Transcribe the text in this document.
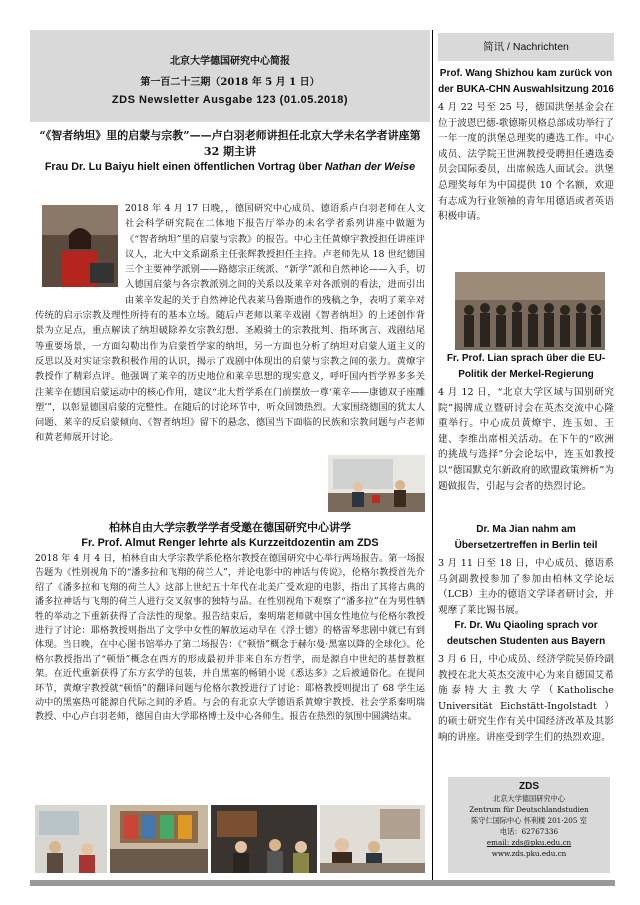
北京大学德国研究中心简报
第一百二十三期（2018 年 5 月 1 日）
ZDS Newsletter Ausgabe 123 (01.05.2018)
简讯 / Nachrichten
Prof. Wang Shizhou kam zurück von der BUKA-CHN Auswahlsitzung 2016

4 月 22 号至 25 号，德国洪堡基金会在位于波恩巴德-歌德斯贝格总部成功举行了一年一度的洪堡总理奖的遴选工作。中心成员、法学院王世洲教授受聘担任遴选委员会国际委员，出席候选人面试会。洪堡总理奖每年为中国提供 10 个名额，欢迎有志成为行业领袖的青年用德语或者英语积极申请。

Fr. Prof. Lian sprach über die EU-Politik der Merkel-Regierung

4 月 12 日，“北京大学区域与国别研究院”揭牌成立暨研讨会在英杰交流中心隆重举行。中心成员黄燎宇、连玉如、王建、李维出席相关活动。在下午的“欧洲的挑战与选择”分会论坛中，连玉如教授以“德国默克尔新政府的欧盟政策辨析”为题做报告，引起与会者的热烈讨论。

Dr. Ma Jian nahm am Übersetzertreffen in Berlin teil

3 月 11 日至 18 日，中心成员、德语系马剑副教授参加了参加由柏林文学论坛（LCB）主办的德语文学译者研讨会，并观摩了莱比锡书展。

Fr. Dr. Wu Qiaoling sprach vor deutschen Studenten aus Bayern

3 月 6 日，中心成员、经济学院吴侨玲副教授在北大英杰交流中心为来自德国艾希施泰特大主教大学（Katholische Universität Eichstätt-Ingolstadt ）的硕士研究生作有关中国经济改革及其影响的讲座。讲座受到学生们的热烈欢迎。

ZDS
北京大学德国研究中心
Zentrum für Deutschlandstudien
陈守仁国际中心 怀利楼 201-205 室
电话：62767336
email: zds@pku.edu.cn
www.zds.pku.edu.cn
“《智者纳坦》里的启蒙与宗教”——卢白羽老师讲担任北京大学未名学者讲座第 32 期主讲
Frau Dr. Lu Baiyu hielt einen öffentlichen Vortrag über Nathan der Weise

2018 年 4 月 17 日晚，，德国研究中心成员、德语系卢白羽老师在人文社会科学研究院在二体地下报告厅举办的未名学者系列讲座中做题为《“智者纳坦”里的启蒙与宗教》的报告。中心主任黄燎宇教授担任讲座评议人，北大中文系副系主任张辉教授担任主持。卢老师先从 18 世纪德国三个主要神学派别——路德宗正统派、“新学”派和自然神论——入手，切入德国启蒙与各宗教派别之间的关系以及莱辛对各派别的看法，进而引出由莱辛发起的关于自然神论代表莱马鲁斯遗作的残稿之争，表明了莱辛对传统的启示宗教及理性所持有的基本立场。随后卢老师以莱辛戏剧《智者纳坦》的上述创作背景为立足点，重点解读了纳坦破除养女宗教幻想、圣殿骑士的宗教批判、指环寓言、戏剧结尾等重要场景，一方面勾勒出作为启蒙哲学家的纳坦，另一方面也分析了纳坦对启蒙人道主义的反思以及对实证宗教积极作用的认识，揭示了戏剧中体现出的启蒙与宗教之间的张力。黄燎宇教授作了精彩点评。他强调了莱辛的历史地位和莱辛思想的现实意义，呼吁国内哲学界多多关注莱辛在德国启蒙运动中的核心作用，建议“北大哲学系在门前摆放一尊‘莱辛——康德双子座雕塑’”，以彰显德国启蒙的完整性。在随后的讨论环节中，听众回馈热烈。大家围绕德国的犹太人问题、莱辛的反启蒙倾向、《智者纳坦》留下的悬念、德国当下面临的民族和宗教问题与卢老师和黄老师展开讨论。

柏林自由大学宗教学学者受邀在德国研究中心讲学
Fr. Prof. Almut Renger lehrte als Kurzzeitdozentin am ZDS

2018 年 4 月 4 日，柏林自由大学宗教学系伦格尔教授在德国研究中心举行两场报告。第一场报告题为《性别视角下的“潘多拉和飞翔的荷兰人”，并论电影中的神话与传说》，伦格尔教授首先介绍了《潘多拉和飞翔的荷兰人》这部上世纪五十年代在北美广受欢迎的电影，指出了其将古典的潘多拉神话与飞翔的荷兰人进行交叉叙事的独特与品。在性别视角下观察了“潘多拉”在为男性牺牲的举动之下重新获得了合法性的现象。报告结束后，秦明瑞老师就中国女性地位与伦格尔教授进行了讨论：耶格教授则指出了文学中女性的解放运动早在《浮士德》的格雷琴悲剧中就已有到体现。当日晚，在中心图书馆举办了第二场报告：《“顿悟”概念于赫尔曼·黑塞以降的全球化》。伦格尔教授指出了“顿悟”概念在西方的形成最初并非来自东方哲学，而是源自中世纪的基督教框架。在近代重新获得了东方玄学的包装，并自黑塞的畅销小说《悉达多》之后被通俗化。在提问环节，黄燎宇教授就“顿悟”的翻译问题与伦格尔教授进行了讨论：耶格教授则提出了 68 学生运动中的黑塞热可能源自代际之间的矛盾。与会的有北京大学德语系黄燎宇教授、社会学系秦明瑞教授、中心卢白羽老师，德国自由大学耶格博士及中心各师生。报告在热烈的氛围中圆满结束。
